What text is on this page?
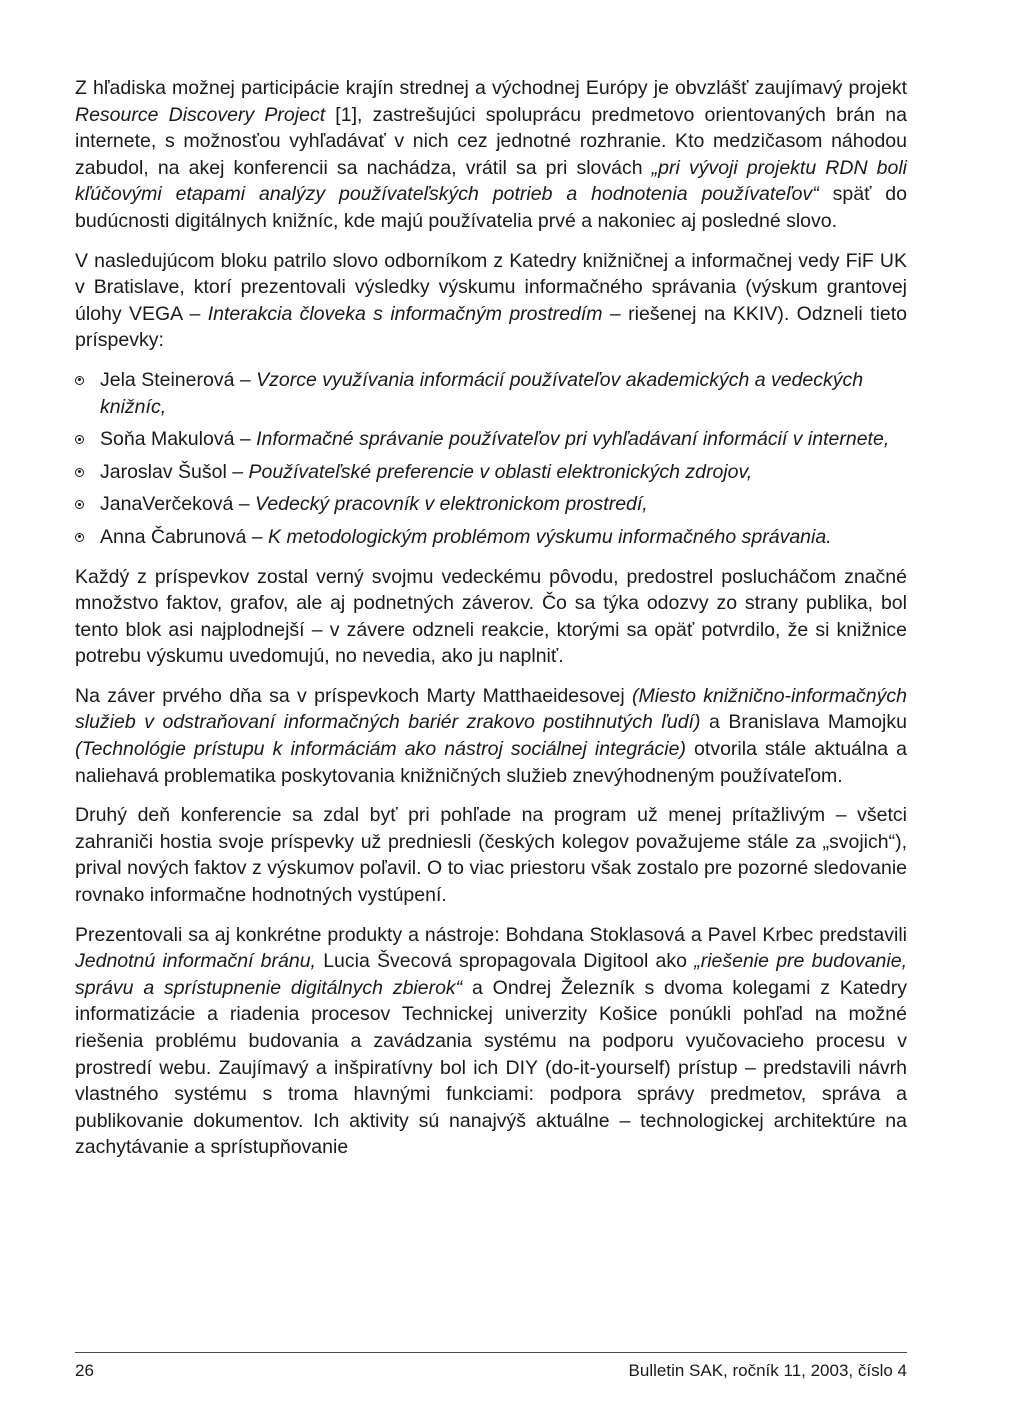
Z hľadiska možnej participácie krajín strednej a východnej Európy je obvzlášť zaujímavý projekt Resource Discovery Project [1], zastrešujúci spoluprácu predmetovo orientovaných brán na internete, s možnosťou vyhľadávať v nich cez jednotné rozhranie. Kto medzičasom náhodou zabudol, na akej konferencii sa nachádza, vrátil sa pri slovách „pri vývoji projektu RDN boli kľúčovými etapami analýzy používateľských potrieb a hodnotenia používateľov“ späť do budúcnosti digitálnych knižníc, kde majú používatelia prvé a nakoniec aj posledné slovo.

V nasledujúcom bloku patrilo slovo odborníkom z Katedry knižničnej a informačnej vedy FiF UK v Bratislave, ktorí prezentovali výsledky výskumu informačného správania (výskum grantovej úlohy VEGA – Interakcia človeka s informačným prostredím – riešenej na KKIV). Odzneli tieto príspevky:

Jela Steinerová – Vzorce využívania informácií používateľov akademických a vedeckých knižníc,
Soňa Makulová – Informačné správanie používateľov pri vyhľadávaní informácií v internete,
Jaroslav Šušol – Používateľské preferencie v oblasti elektronických zdrojov,
JanaVerčeková – Vedecký pracovník v elektronickom prostredí,
Anna Čabrunová – K metodologickým problémom výskumu informačného správania.

Každý z príspevkov zostal verný svojmu vedeckému pôvodu, predostrel poslucháčom značné množstvo faktov, grafov, ale aj podnetných záverov. Čo sa týka odozvy zo strany publika, bol tento blok asi najplodnejší – v závere odzneli reakcie, ktorými sa opäť potvrdilo, že si knižnice potrebu výskumu uvedomujú, no nevedia, ako ju naplniť.

Na záver prvého dňa sa v príspevkoch Marty Matthaeidesovej (Miesto knižnično-informačných služieb v odstraňovaní informačných bariér zrakovo postihnutých ľudí) a Branislava Mamojku (Technológie prístupu k informáciám ako nástroj sociálnej integrácie) otvorila stále aktuálna a naliehavá problematika poskytovania knižničných služieb znevýhodneným používateľom.

Druhý deň konferencie sa zdal byť pri pohľade na program už menej prítažlivým – všetci zahraniči hostia svoje príspevky už predniesli (českých kolegov považujeme stále za „svojich“), prival nových faktov z výskumov poľavil. O to viac priestoru však zostalo pre pozorné sledovanie rovnako informačne hodnotných vystúpení.

Prezentovali sa aj konkrétne produkty a nástroje: Bohdana Stoklasová a Pavel Krbec predstavili Jednotnú informační bránu, Lucia Švecová spropagovala Digitool ako „riešenie pre budovanie, správu a sprístupnenie digitálnych zbierok“ a Ondrej Železník s dvoma kolegami z Katedry informatizácie a riadenia procesov Technickej univerzity Košice ponúkli pohľad na možné riešenia problému budovania a zavádzania systému na podporu vyučovacieho procesu v prostredí webu. Zaujímavý a inšpiratívny bol ich DIY (do-it-yourself) prístup – predstavili návrh vlastného systému s troma hlavnými funkciami: podpora správy predmetov, správa a publikovanie dokumentov. Ich aktivity sú nanajvýš aktuálne – technologickej architektúre na zachytávanie a sprístupňovanie

26	Bulletin SAK, ročník 11, 2003, číslo 4
